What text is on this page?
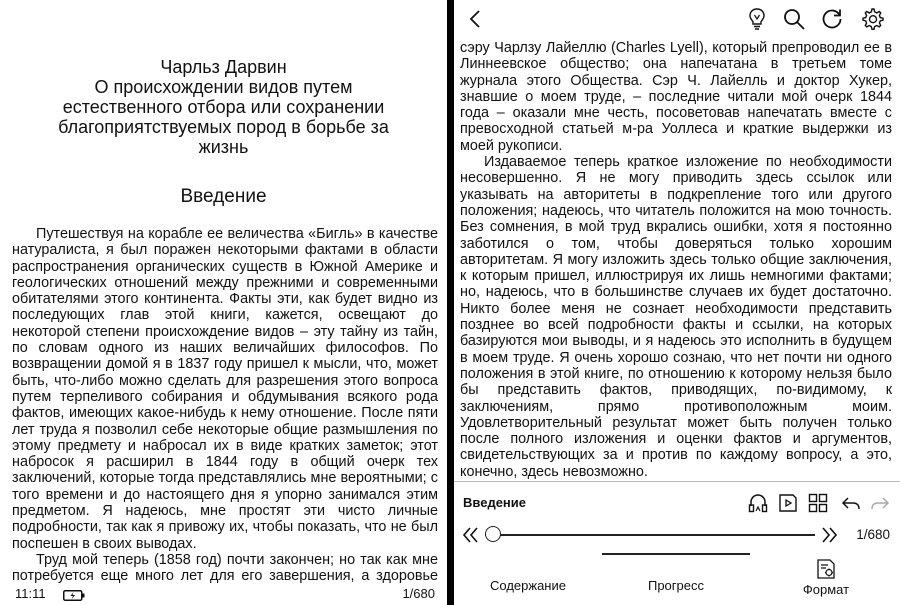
Чарльз Дарвин
О происхождении видов путем
естественного отбора или сохранении
благоприятствуемых пород в борьбе за
жизнь
Введение

Путешествуя на корабле ее величества «Бигль» в качестве натуралиста, я был поражен некоторыми фактами в области распространения органических существ в Южной Америке и геологических отношений между прежними и современными обитателями этого континента. Факты эти, как будет видно из последующих глав этой книги, кажется, освещают до некоторой степени происхождение видов – эту тайну из тайн, по словам одного из наших величайших философов. По возвращении домой я в 1837 году пришел к мысли, что, может быть, что-либо можно сделать для разрешения этого вопроса путем терпеливого собирания и обдумывания всякого рода фактов, имеющих какое-нибудь к нему отношение. После пяти лет труда я позволил себе некоторые общие размышления по этому предмету и набросал их в виде кратких заметок; этот набросок я расширил в 1844 году в общий очерк тех заключений, которые тогда представлялись мне вероятными; с того времени и до настоящего дня я упорно занимался этим предметом. Я надеюсь, мне простят эти чисто личные подробности, так как я привожу их, чтобы показать, что не был поспешен в своих выводах.

Труд мой теперь (1858 год) почти закончен; но так как мне потребуется еще много лет для его завершения, а здоровье

11:11	1/680

сэру Чарлзу Лайеллю (Charles Lyell), который препроводил ее в Линнеевское общество; она напечатана в третьем томе журнала этого Общества. Сэр Ч. Лайелль и доктор Хукер, знавшие о моем труде, – последние читали мой очерк 1844 года – оказали мне честь, посоветовав напечатать вместе с превосходной статьей м-ра Уоллеса и краткие выдержки из моей рукописи.

Издаваемое теперь краткое изложение по необходимости несовершенно. Я не могу приводить здесь ссылок или указывать на авторитеты в подкрепление того или другого положения; надеюсь, что читатель положится на мою точность. Без сомнения, в мой труд вкрались ошибки, хотя я постоянно заботился о том, чтобы доверяться только хорошим авторитетам. Я могу изложить здесь только общие заключения, к которым пришел, иллюстрируя их лишь немногими фактами; но, надеюсь, что в большинстве случаев их будет достаточно. Никто более меня не сознает необходимости представить позднее во всей подробности факты и ссылки, на которых базируются мои выводы, и я надеюсь это исполнить в будущем в моем труде. Я очень хорошо сознаю, что нет почти ни одного положения в этой книге, по отношению к которому нельзя было бы представить фактов, приводящих, по-видимому, к заключениям, прямо противоположным моим. Удовлетворительный результат может быть получен только после полного изложения и оценки фактов и аргументов, свидетельствующих за и против по каждому вопросу, а это, конечно, здесь невозможно.

Введение
1/680
Содержание	Прогресс	Формат
